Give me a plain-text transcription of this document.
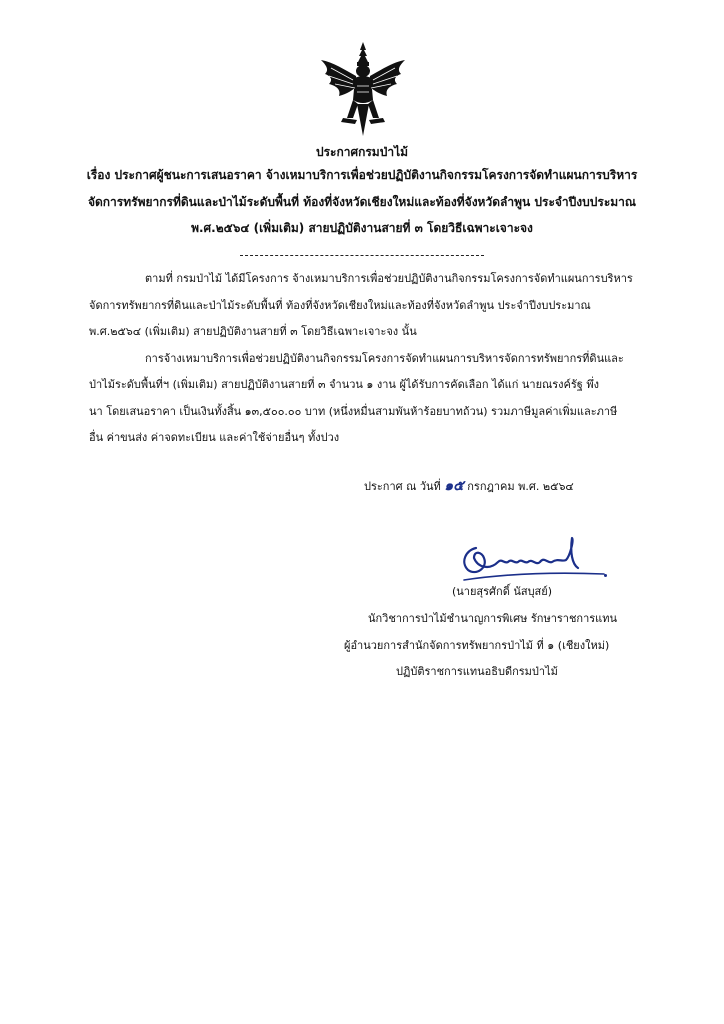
ประกาศกรมป่าไม้
เรื่อง ประกาศผู้ชนะการเสนอราคา จ้างเหมาบริการเพื่อช่วยปฏิบัติงานกิจกรรมโครงการจัดทำแผนการบริหาร
จัดการทรัพยากรที่ดินและป่าไม้ระดับพื้นที่ ท้องที่จังหวัดเชียงใหม่และท้องที่จังหวัดลำพูน ประจำปีงบประมาณ
พ.ศ.๒๕๖๔ (เพิ่มเติม) สายปฏิบัติงานสายที่ ๓ โดยวิธีเฉพาะเจาะจง
ตามที่ กรมป่าไม้ ได้มีโครงการ จ้างเหมาบริการเพื่อช่วยปฏิบัติงานกิจกรรมโครงการจัดทำแผนการบริหาร
จัดการทรัพยากรที่ดินและป่าไม้ระดับพื้นที่ ท้องที่จังหวัดเชียงใหม่และท้องที่จังหวัดลำพูน ประจำปีงบประมาณ
พ.ศ.๒๕๖๔ (เพิ่มเติม) สายปฏิบัติงานสายที่ ๓ โดยวิธีเฉพาะเจาะจง นั้น
การจ้างเหมาบริการเพื่อช่วยปฏิบัติงานกิจกรรมโครงการจัดทำแผนการบริหารจัดการทรัพยากรที่ดินและ
ป่าไม้ระดับพื้นที่ฯ (เพิ่มเติม) สายปฏิบัติงานสายที่ ๓ จำนวน ๑ งาน ผู้ได้รับการคัดเลือก ได้แก่ นายณรงค์รัฐ พึ่ง
นา โดยเสนอราคา เป็นเงินทั้งสิ้น ๑๓,๕๐๐.๐๐ บาท (หนึ่งหมื่นสามพันห้าร้อยบาทถ้วน) รวมภาษีมูลค่าเพิ่มและภาษี
อื่น ค่าขนส่ง ค่าจดทะเบียน และค่าใช้จ่ายอื่นๆ ทั้งปวง
ประกาศ ณ วันที่ ๑๕ กรกฎาคม พ.ศ. ๒๕๖๔
(นายสุรศักดิ์ นัสบุสย์)
นักวิชาการป่าไม้ชำนาญการพิเศษ รักษาราชการแทน
ผู้อำนวยการสำนักจัดการทรัพยากรป่าไม้ ที่ ๑ (เชียงใหม่)
ปฏิบัติราชการแทนอธิบดีกรมป่าไม้
